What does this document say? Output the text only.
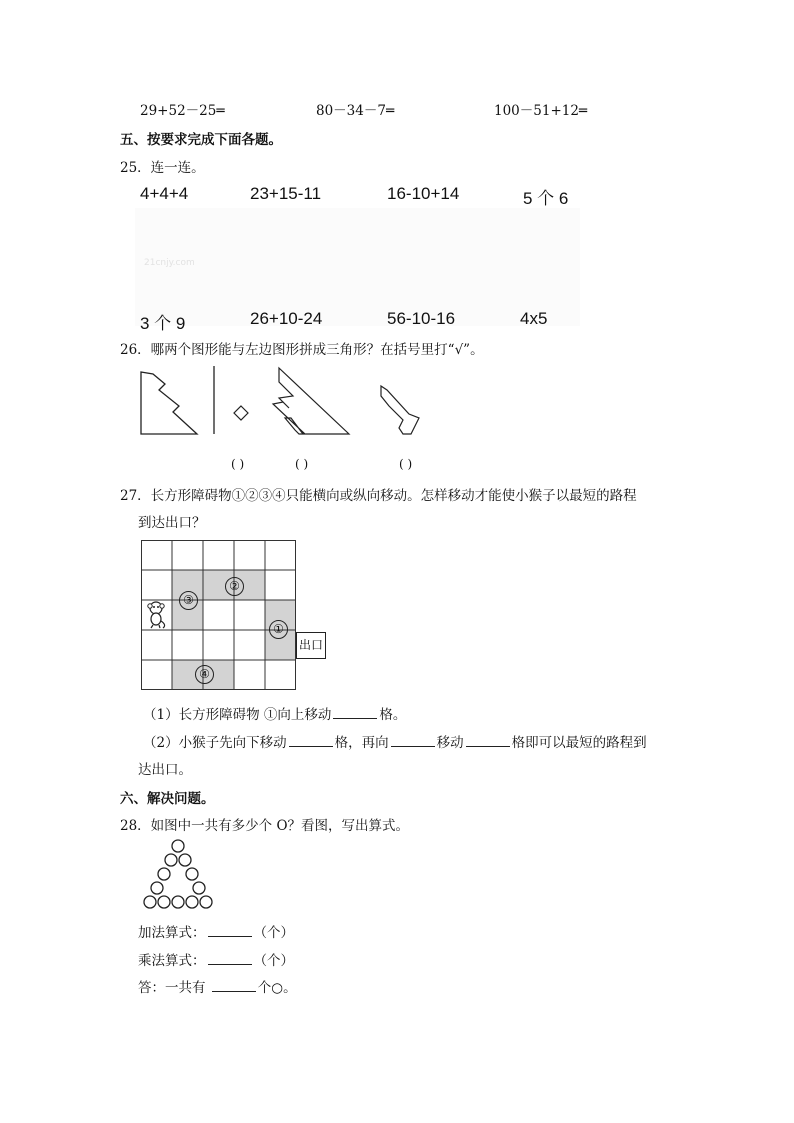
29+52－25═	80－34－7═	100－51+12═
五、按要求完成下面各题。
25．连一连。
21cnjy.com
4+4+4	23+15-11	16-10+14	5 个 6
3 个 9	26+10-24	56-10-16	4x5
26．哪两个图形能与左边图形拼成三角形？在括号里打“√”。
( )	( )	( )
27．长方形障碍物①②③④只能横向或纵向移动。怎样移动才能使小猴子以最短的路程
到达出口？
③
②
①
④
出口
（1）长方形障碍物 ①向上移动	格。
（2）小猴子先向下移动	格，再向	移动	格即可以最短的路程到
达出口。
六、解决问题。
28．如图中一共有多少个 O？看图，写出算式。
加法算式：	（个）
乘法算式：	（个）
答：一共有	个○。
